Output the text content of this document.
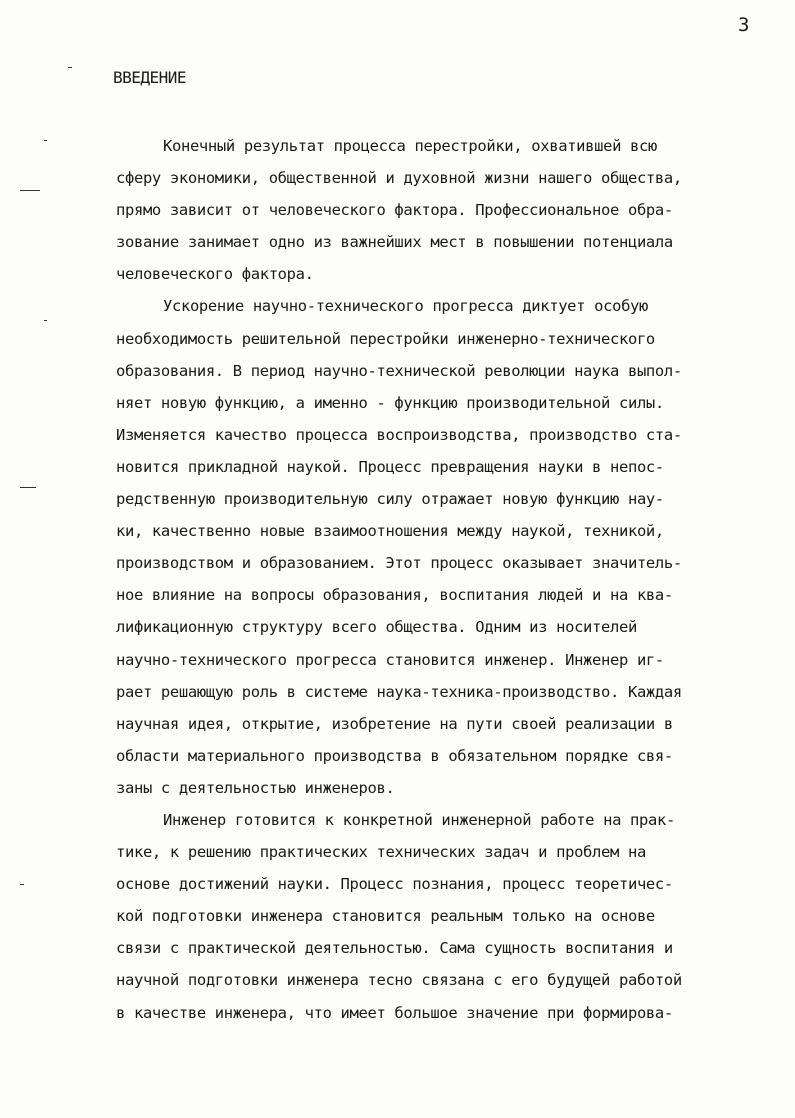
3
ВВЕДЕНИЕ
Конечный результат процесса перестройки, охватившей всю
сферу экономики, общественной и духовной жизни нашего общества,
прямо зависит от человеческого фактора. Профессиональное обра-
зование занимает одно из важнейших мест в повышении потенциала
человеческого фактора.
Ускорение научно-технического прогресса диктует особую
необходимость решительной перестройки инженерно-технического
образования. В период научно-технической революции наука выпол-
няет новую функцию, а именно - функцию производительной силы.
Изменяется качество процесса воспроизводства, производство ста-
новится прикладной наукой. Процесс превращения науки в непос-
редственную производительную силу отражает новую функцию нау-
ки, качественно новые взаимоотношения между наукой, техникой,
производством и образованием. Этот процесс оказывает значитель-
ное влияние на вопросы образования, воспитания людей и на ква-
лификационную структуру всего общества. Одним из носителей
научно-технического прогресса становится инженер. Инженер иг-
рает решающую роль в системе наука-техника-производство. Каждая
научная идея, открытие, изобретение на пути своей реализации в
области материального производства в обязательном порядке свя-
заны с деятельностью инженеров.
Инженер готовится к конкретной инженерной работе на прак-
тике, к решению практических технических задач и проблем на
основе достижений науки. Процесс познания, процесс теоретичес-
кой подготовки инженера становится реальным только на основе
связи с практической деятельностью. Сама сущность воспитания и
научной подготовки инженера тесно связана с его будущей работой
в качестве инженера, что имеет большое значение при формирова-
